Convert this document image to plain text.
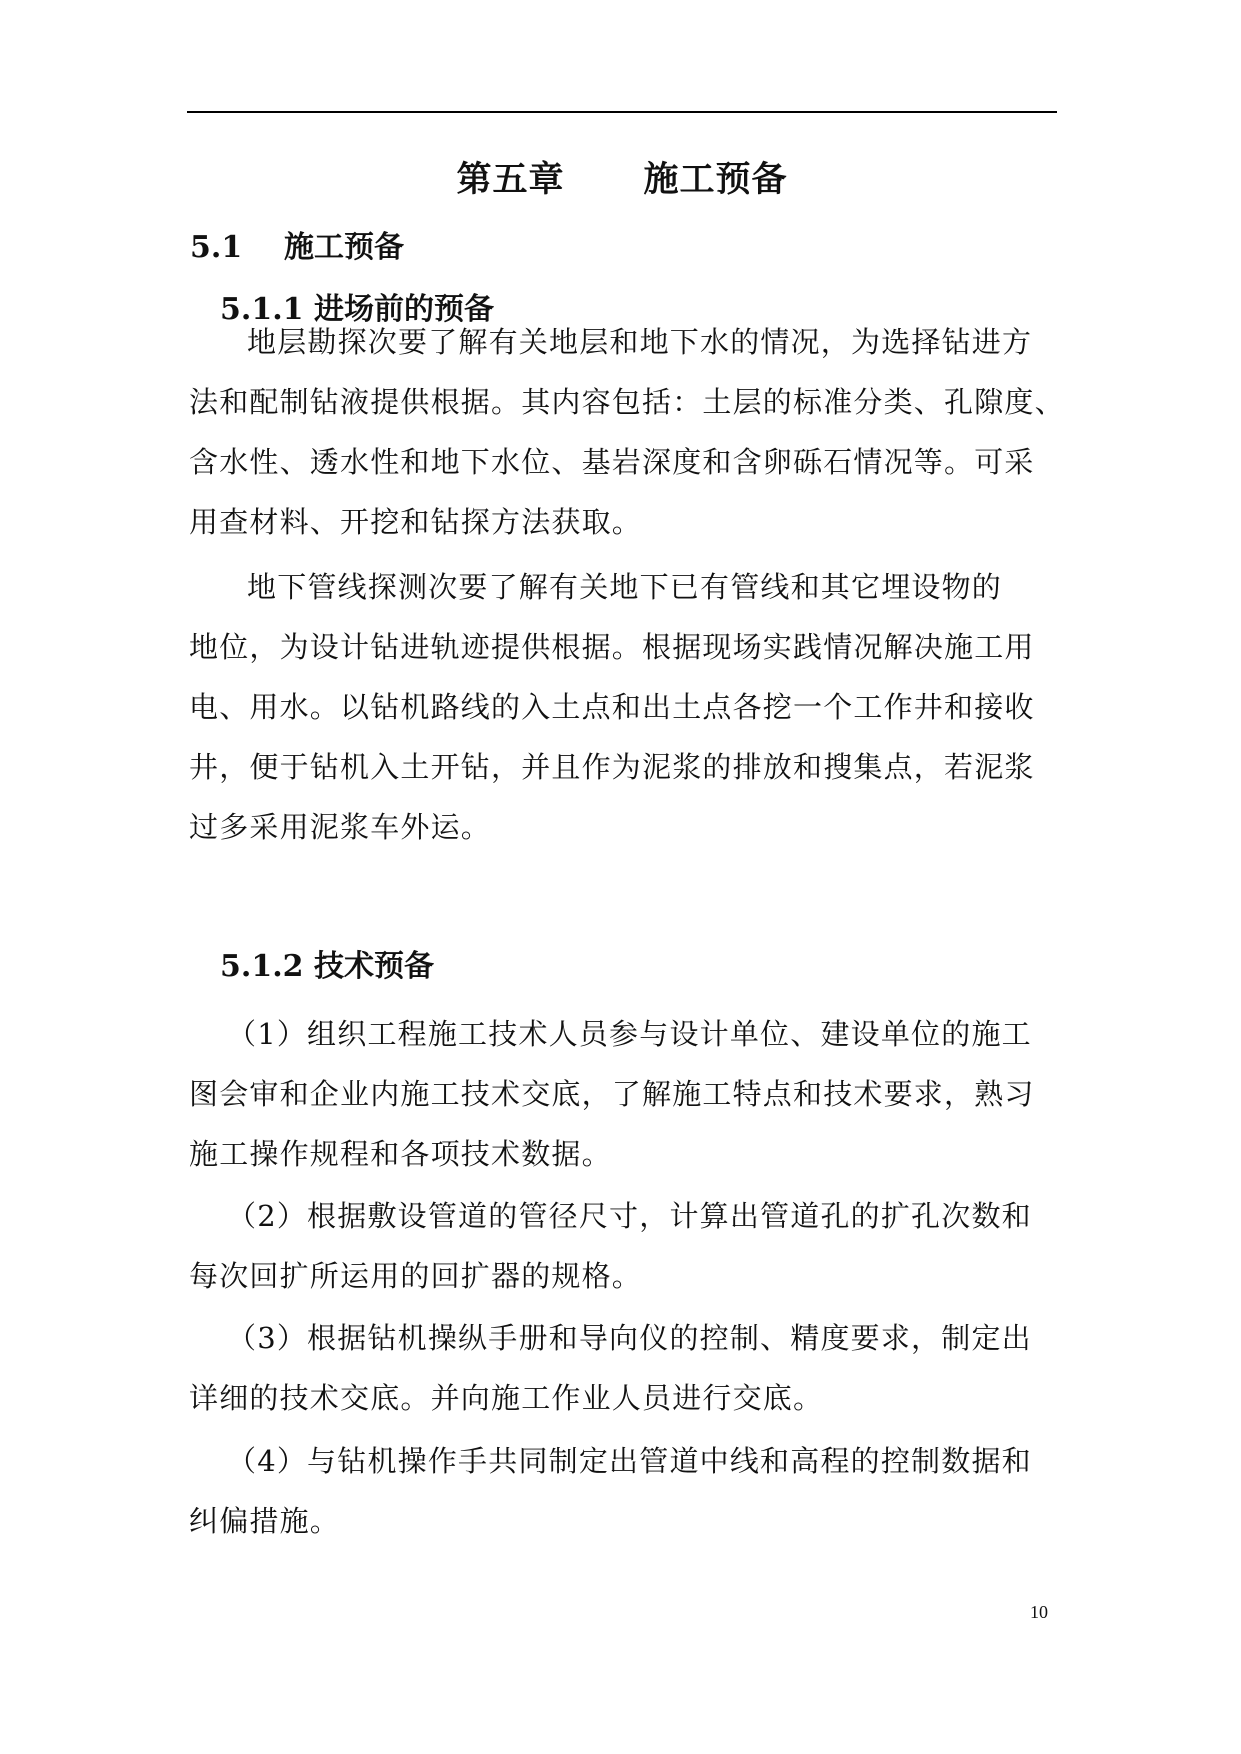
第五章      施工预备
5.1    施工预备
5.1.1 进场前的预备
地层勘探次要了解有关地层和地下水的情况，为选择钻进方
法和配制钻液提供根据。其内容包括：土层的标准分类、孔隙度、
含水性、透水性和地下水位、基岩深度和含卵砾石情况等。可采
用查材料、开挖和钻探方法获取。
地下管线探测次要了解有关地下已有管线和其它埋设物的
地位，为设计钻进轨迹提供根据。根据现场实践情况解决施工用
电、用水。以钻机路线的入土点和出土点各挖一个工作井和接收
井，便于钻机入土开钻，并且作为泥浆的排放和搜集点，若泥浆
过多采用泥浆车外运。
5.1.2 技术预备
（1）组织工程施工技术人员参与设计单位、建设单位的施工
图会审和企业内施工技术交底，了解施工特点和技术要求，熟习
施工操作规程和各项技术数据。
（2）根据敷设管道的管径尺寸，计算出管道孔的扩孔次数和
每次回扩所运用的回扩器的规格。
（3）根据钻机操纵手册和导向仪的控制、精度要求，制定出
详细的技术交底。并向施工作业人员进行交底。
（4）与钻机操作手共同制定出管道中线和高程的控制数据和
纠偏措施。
10
